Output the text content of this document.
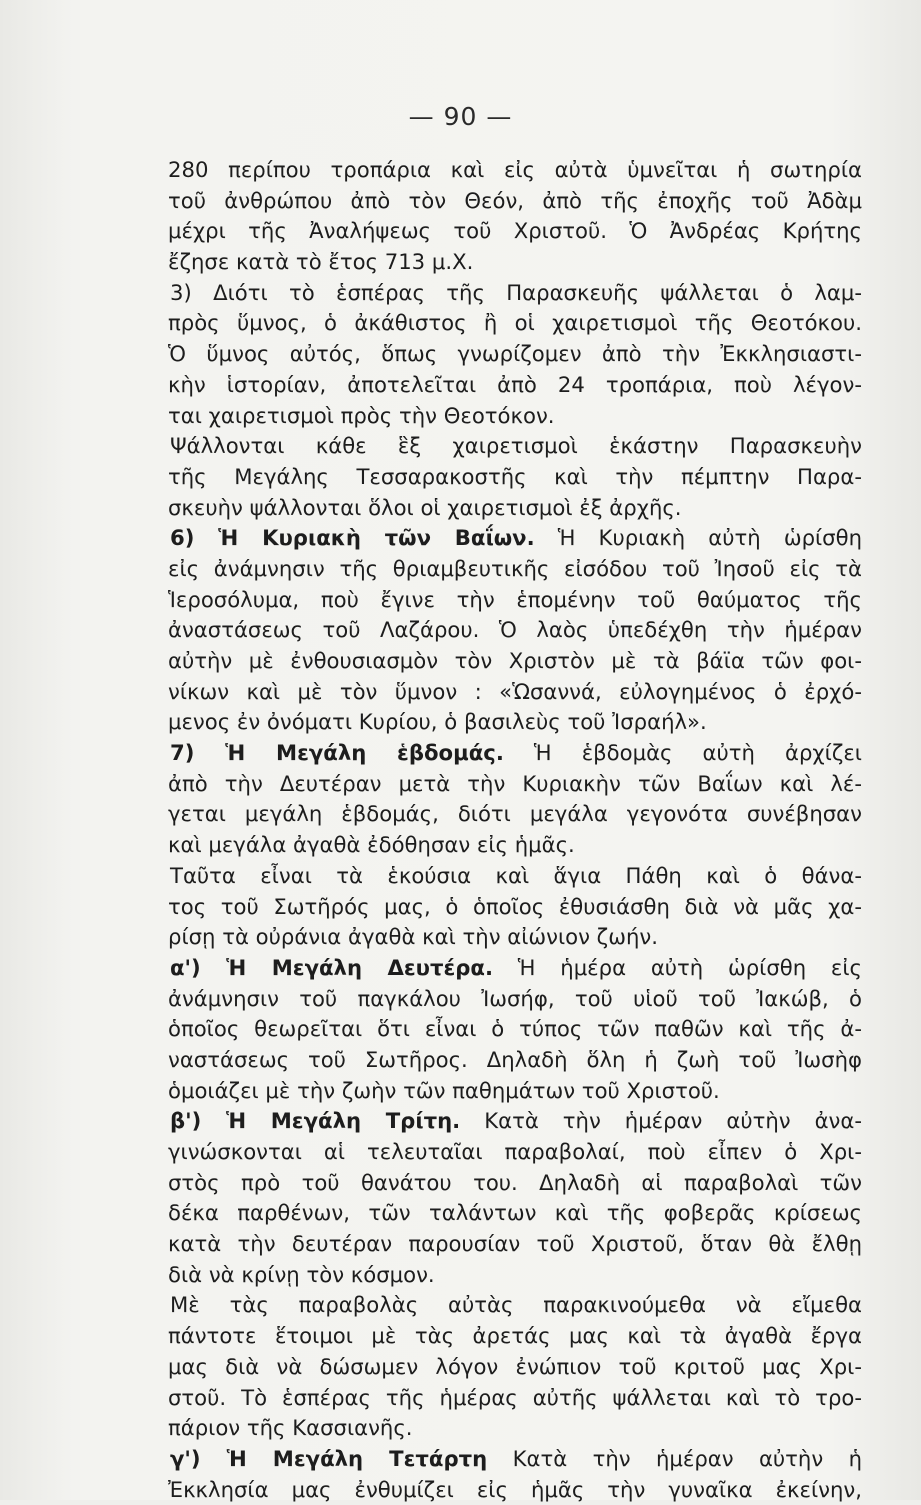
— 90 —
280 περίπου τροπάρια καὶ εἰς αὐτὰ ὑμνεῖται ἡ σωτηρία
τοῦ ἀνθρώπου ἀπὸ τὸν Θεόν, ἀπὸ τῆς ἐποχῆς τοῦ Ἀδὰμ
μέχρι τῆς Ἀναλήψεως τοῦ Χριστοῦ. Ὁ Ἀνδρέας Κρήτης
ἔζησε κατὰ τὸ ἔτος 713 μ.Χ.
3) Διότι τὸ ἑσπέρας τῆς Παρασκευῆς ψάλλεται ὁ λαμ-
πρὸς ὕμνος, ὁ ἀκάθιστος ἢ οἱ χαιρετισμοὶ τῆς Θεοτόκου.
Ὁ ὕμνος αὐτός, ὅπως γνωρίζομεν ἀπὸ τὴν Ἐκκλησιαστι-
κὴν ἱστορίαν, ἀποτελεῖται ἀπὸ 24 τροπάρια, ποὺ λέγον-
ται χαιρετισμοὶ πρὸς τὴν Θεοτόκον.
Ψάλλονται κάθε ἓξ χαιρετισμοὶ ἑκάστην Παρασκευὴν
τῆς Μεγάλης Τεσσαρακοστῆς καὶ τὴν πέμπτην Παρα-
σκευὴν ψάλλονται ὅλοι οἱ χαιρετισμοὶ ἐξ ἀρχῆς.
6) Ἡ Κυριακὴ τῶν Βαΐων. Ἡ Κυριακὴ αὐτὴ ὡρίσθη
εἰς ἀνάμνησιν τῆς θριαμβευτικῆς εἰσόδου τοῦ Ἰησοῦ εἰς τὰ
Ἱεροσόλυμα, ποὺ ἔγινε τὴν ἑπομένην τοῦ θαύματος τῆς
ἀναστάσεως τοῦ Λαζάρου. Ὁ λαὸς ὑπεδέχθη τὴν ἡμέραν
αὐτὴν μὲ ἐνθουσιασμὸν τὸν Χριστὸν μὲ τὰ βάϊα τῶν φοι-
νίκων καὶ μὲ τὸν ὕμνον : «Ὡσαννά, εὐλογημένος ὁ ἐρχό-
μενος ἐν ὀνόματι Κυρίου, ὁ βασιλεὺς τοῦ Ἰσραήλ».
7) Ἡ Μεγάλη ἑβδομάς. Ἡ ἑβδομὰς αὐτὴ ἀρχίζει
ἀπὸ τὴν Δευτέραν μετὰ τὴν Κυριακὴν τῶν Βαΐων καὶ λέ-
γεται μεγάλη ἑβδομάς, διότι μεγάλα γεγονότα συνέβησαν
καὶ μεγάλα ἀγαθὰ ἐδόθησαν εἰς ἡμᾶς.
Ταῦτα εἶναι τὰ ἑκούσια καὶ ἅγια Πάθη καὶ ὁ θάνα-
τος τοῦ Σωτῆρός μας, ὁ ὁποῖος ἐθυσιάσθη διὰ νὰ μᾶς χα-
ρίσῃ τὰ οὐράνια ἀγαθὰ καὶ τὴν αἰώνιον ζωήν.
α') Ἡ Μεγάλη Δευτέρα. Ἡ ἡμέρα αὐτὴ ὡρίσθη εἰς
ἀνάμνησιν τοῦ παγκάλου Ἰωσήφ, τοῦ υἱοῦ τοῦ Ἰακώβ, ὁ
ὁποῖος θεωρεῖται ὅτι εἶναι ὁ τύπος τῶν παθῶν καὶ τῆς ἀ-
ναστάσεως τοῦ Σωτῆρος. Δηλαδὴ ὅλη ἡ ζωὴ τοῦ Ἰωσὴφ
ὁμοιάζει μὲ τὴν ζωὴν τῶν παθημάτων τοῦ Χριστοῦ.
β') Ἡ Μεγάλη Τρίτη. Κατὰ τὴν ἡμέραν αὐτὴν ἀνα-
γινώσκονται αἱ τελευταῖαι παραβολαί, ποὺ εἶπεν ὁ Χρι-
στὸς πρὸ τοῦ θανάτου του. Δηλαδὴ αἱ παραβολαὶ τῶν
δέκα παρθένων, τῶν ταλάντων καὶ τῆς φοβερᾶς κρίσεως
κατὰ τὴν δευτέραν παρουσίαν τοῦ Χριστοῦ, ὅταν θὰ ἔλθῃ
διὰ νὰ κρίνῃ τὸν κόσμον.
Μὲ τὰς παραβολὰς αὐτὰς παρακινούμεθα νὰ εἴμεθα
πάντοτε ἕτοιμοι μὲ τὰς ἀρετάς μας καὶ τὰ ἀγαθὰ ἔργα
μας διὰ νὰ δώσωμεν λόγον ἐνώπιον τοῦ κριτοῦ μας Χρι-
στοῦ. Τὸ ἑσπέρας τῆς ἡμέρας αὐτῆς ψάλλεται καὶ τὸ τρο-
πάριον τῆς Κασσιανῆς.
γ') Ἡ Μεγάλη Τετάρτη Κατὰ τὴν ἡμέραν αὐτὴν ἡ
Ἐκκλησία μας ἐνθυμίζει εἰς ἡμᾶς τὴν γυναῖκα ἐκείνην,
